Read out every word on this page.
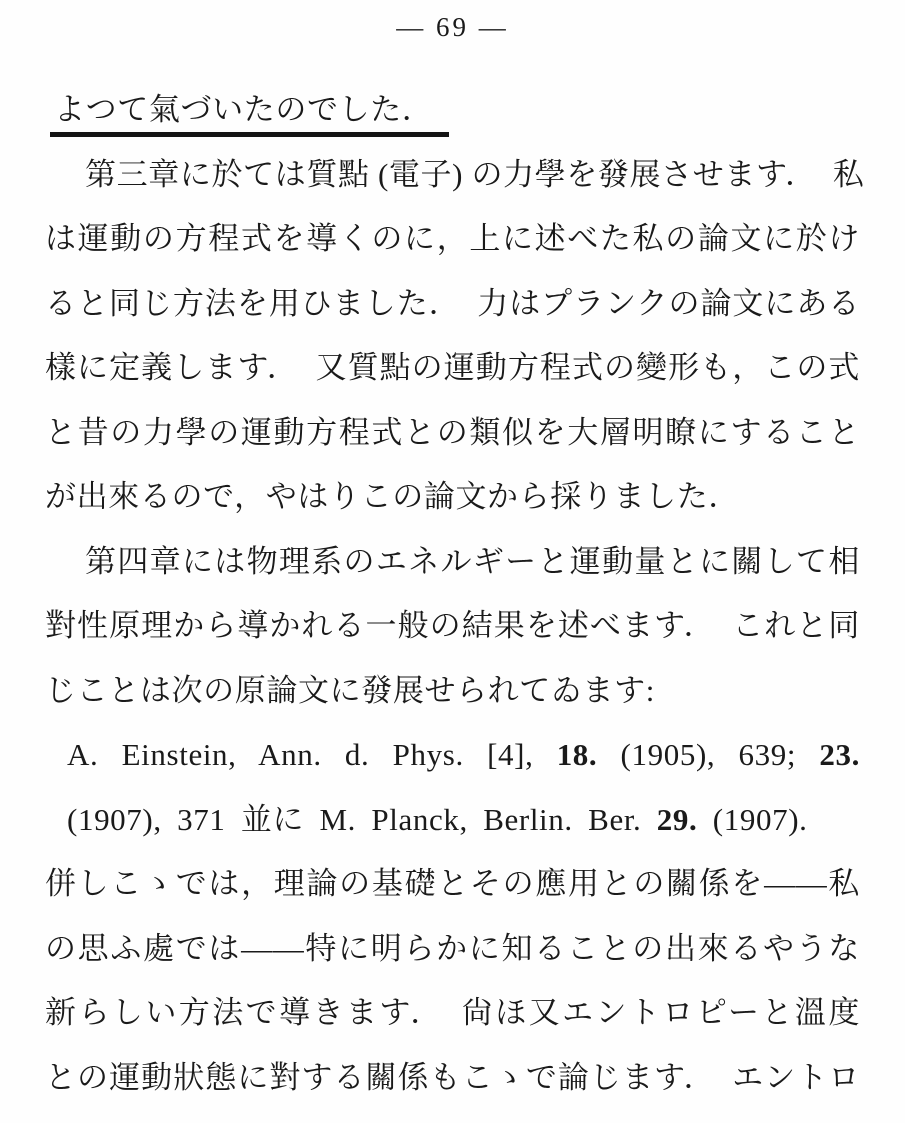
— 69 —
よつて氣づいたのでした．
第三章に於ては質點 (電子) の力學を發展させます．　私
は運動の方程式を導くのに，上に述べた私の論文に於け
ると同じ方法を用ひました．　力はプランクの論文にある
樣に定義します．　又質點の運動方程式の變形も，この式
と昔の力學の運動方程式との類似を大層明瞭にすること
が出來るので，やはりこの論文から採りました．
第四章には物理系のエネルギーと運動量とに關して相
對性原理から導かれる一般の結果を述べます．　これと同
じことは次の原論文に發展せられてゐます:
A. Einstein, Ann. d. Phys. [4], 18. (1905), 639; 23.
(1907), 371 並に M. Planck, Berlin. Ber. 29. (1907).
併しこゝでは，理論の基礎とその應用との關係を——私
の思ふ處では——特に明らかに知ることの出來るやうな
新らしい方法で導きます．　尙ほ又エントロピーと溫度
との運動狀態に對する關係もこゝで論じます．　エントロ
